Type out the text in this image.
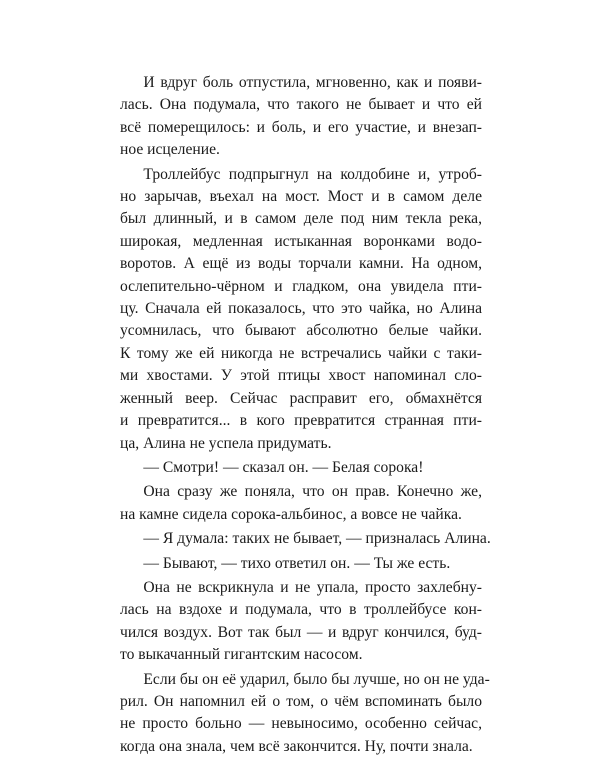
И вдруг боль отпустила, мгновенно, как и появи-
лась. Она подумала, что такого не бывает и что ей
всё померещилось: и боль, и его участие, и внезап-
ное исцеление.
Троллейбус подпрыгнул на колдобине и, утроб-
но зарычав, въехал на мост. Мост и в самом деле
был длинный, и в самом деле под ним текла река,
широкая, медленная истыканная воронками водо-
воротов. А ещё из воды торчали камни. На одном,
ослепительно-чёрном и гладком, она увидела пти-
цу. Сначала ей показалось, что это чайка, но Алина
усомнилась, что бывают абсолютно белые чайки.
К тому же ей никогда не встречались чайки с таки-
ми хвостами. У этой птицы хвост напоминал сло-
женный веер. Сейчас расправит его, обмахнётся
и превратится... в кого превратится странная пти-
ца, Алина не успела придумать.
— Смотри! — сказал он. — Белая сорока!
Она сразу же поняла, что он прав. Конечно же,
на камне сидела сорока-альбинос, а вовсе не чайка.
— Я думала: таких не бывает, — призналась Алина.
— Бывают, — тихо ответил он. — Ты же есть.
Она не вскрикнула и не упала, просто захлебну-
лась на вздохе и подумала, что в троллейбусе кон-
чился воздух. Вот так был — и вдруг кончился, буд-
то выкачанный гигантским насосом.
Если бы он её ударил, было бы лучше, но он не уда-
рил. Он напомнил ей о том, о чём вспоминать было
не просто больно — невыносимо, особенно сейчас,
когда она знала, чем всё закончится. Ну, почти знала.
